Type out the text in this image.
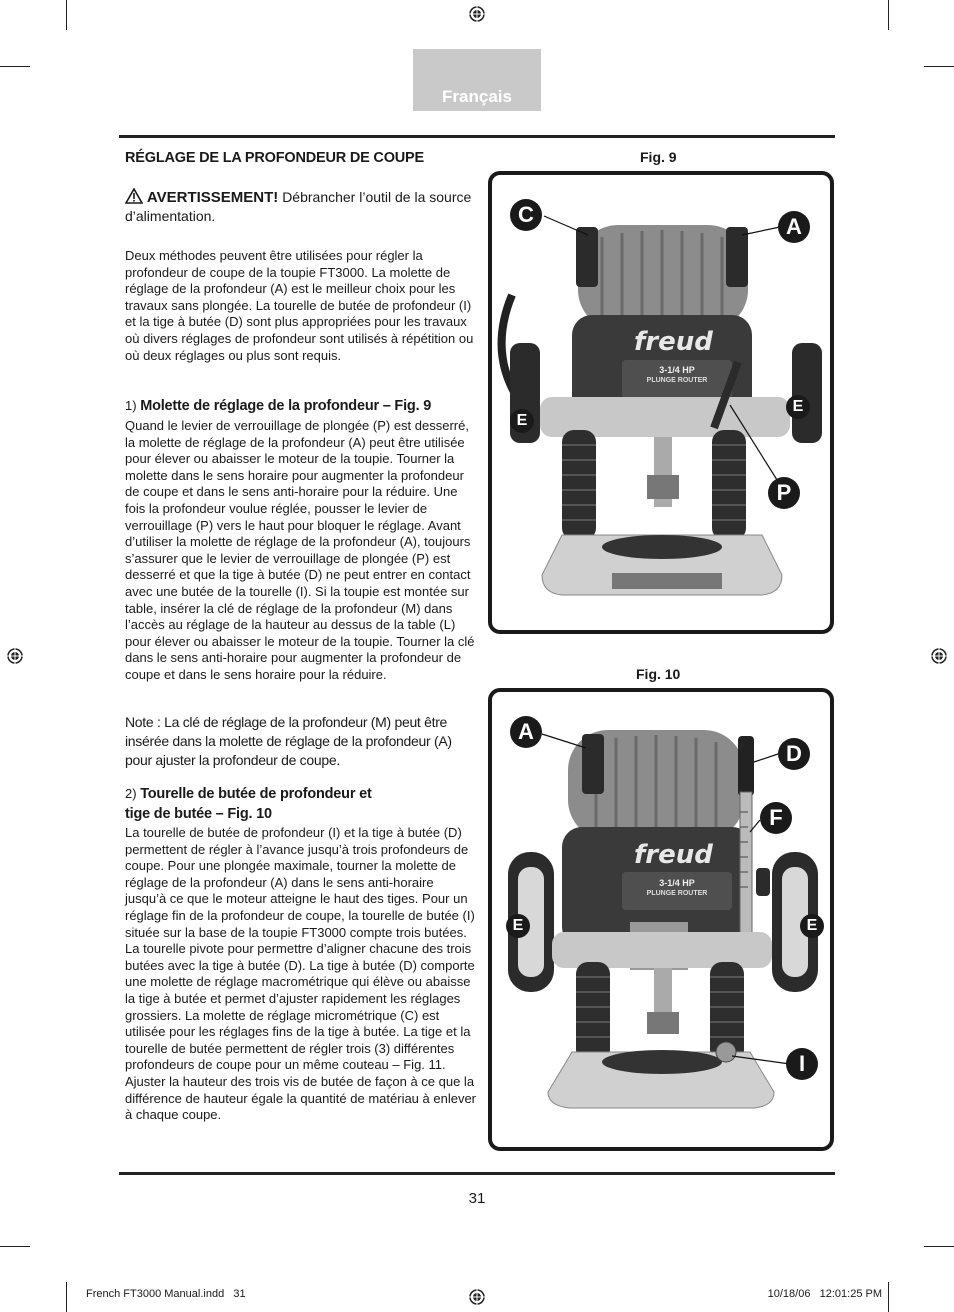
Français
RÉGLAGE DE LA PROFONDEUR DE COUPE
AVERTISSEMENT! Débrancher l’outil de la source d’alimentation.
Deux méthodes peuvent être utilisées pour régler la profondeur de coupe de la toupie FT3000. La molette de réglage de la profondeur (A) est le meilleur choix pour les travaux sans plongée. La tourelle de butée de profondeur (I) et la tige à butée (D) sont plus appropriées pour les travaux où divers réglages de profondeur sont utilisés à répétition ou où deux réglages ou plus sont requis.
1) Molette de réglage de la profondeur – Fig. 9
Quand le levier de verrouillage de plongée (P) est desserré, la molette de réglage de la profondeur (A) peut être utilisée pour élever ou abaisser le moteur de la toupie. Tourner la molette dans le sens horaire pour augmenter la profondeur de coupe et dans le sens anti-horaire pour la réduire. Une fois la profondeur voulue réglée, pousser le levier de verrouillage (P) vers le haut pour bloquer le réglage. Avant d’utiliser la molette de réglage de la profondeur (A), toujours s’assurer que le levier de verrouillage de plongée (P) est desserré et que la tige à butée (D) ne peut entrer en contact avec une butée de la tourelle (I). Si la toupie est montée sur table, insérer la clé de réglage de la profondeur (M) dans l’accès au réglage de la hauteur au dessus de la table (L) pour élever ou abaisser le moteur de la toupie. Tourner la clé dans le sens anti-horaire pour augmenter la profondeur de coupe et dans le sens horaire pour la réduire.
Note : La clé de réglage de la profondeur (M) peut être insérée dans la molette de réglage de la profondeur (A) pour ajuster la profondeur de coupe.
2) Tourelle de butée de profondeur et
tige de butée – Fig. 10
La tourelle de butée de profondeur (I) et la tige à butée (D) permettent de régler à l’avance jusqu’à trois profondeurs de coupe. Pour une plongée maximale, tourner la molette de réglage de la profondeur (A) dans le sens anti-horaire jusqu’à ce que le moteur atteigne le haut des tiges. Pour un réglage fin de la profondeur de coupe, la tourelle de butée (I) située sur la base de la toupie FT3000 compte trois butées. La tourelle pivote pour permettre d’aligner chacune des trois butées avec la tige à butée (D). La tige à butée (D) comporte une molette de réglage macrométrique qui élève ou abaisse la tige à butée et permet d’ajuster rapidement les réglages grossiers. La molette de réglage micrométrique (C) est utilisée pour les réglages fins de la tige à butée. La tige et la tourelle de butée permettent de régler trois (3) différentes profondeurs de coupe pour un même couteau – Fig. 11. Ajuster la hauteur des trois vis de butée de façon à ce que la différence de hauteur égale la quantité de matériau à enlever à chaque coupe.
Fig. 9
freud
3-1/4 HP
PLUNGE ROUTER
C	A
E
E
P
Fig. 10
freud
3-1/4 HP
PLUNGE ROUTER
A
D
F
E	E
I
31
French FT3000 Manual.indd   31	10/18/06   12:01:25 PM
